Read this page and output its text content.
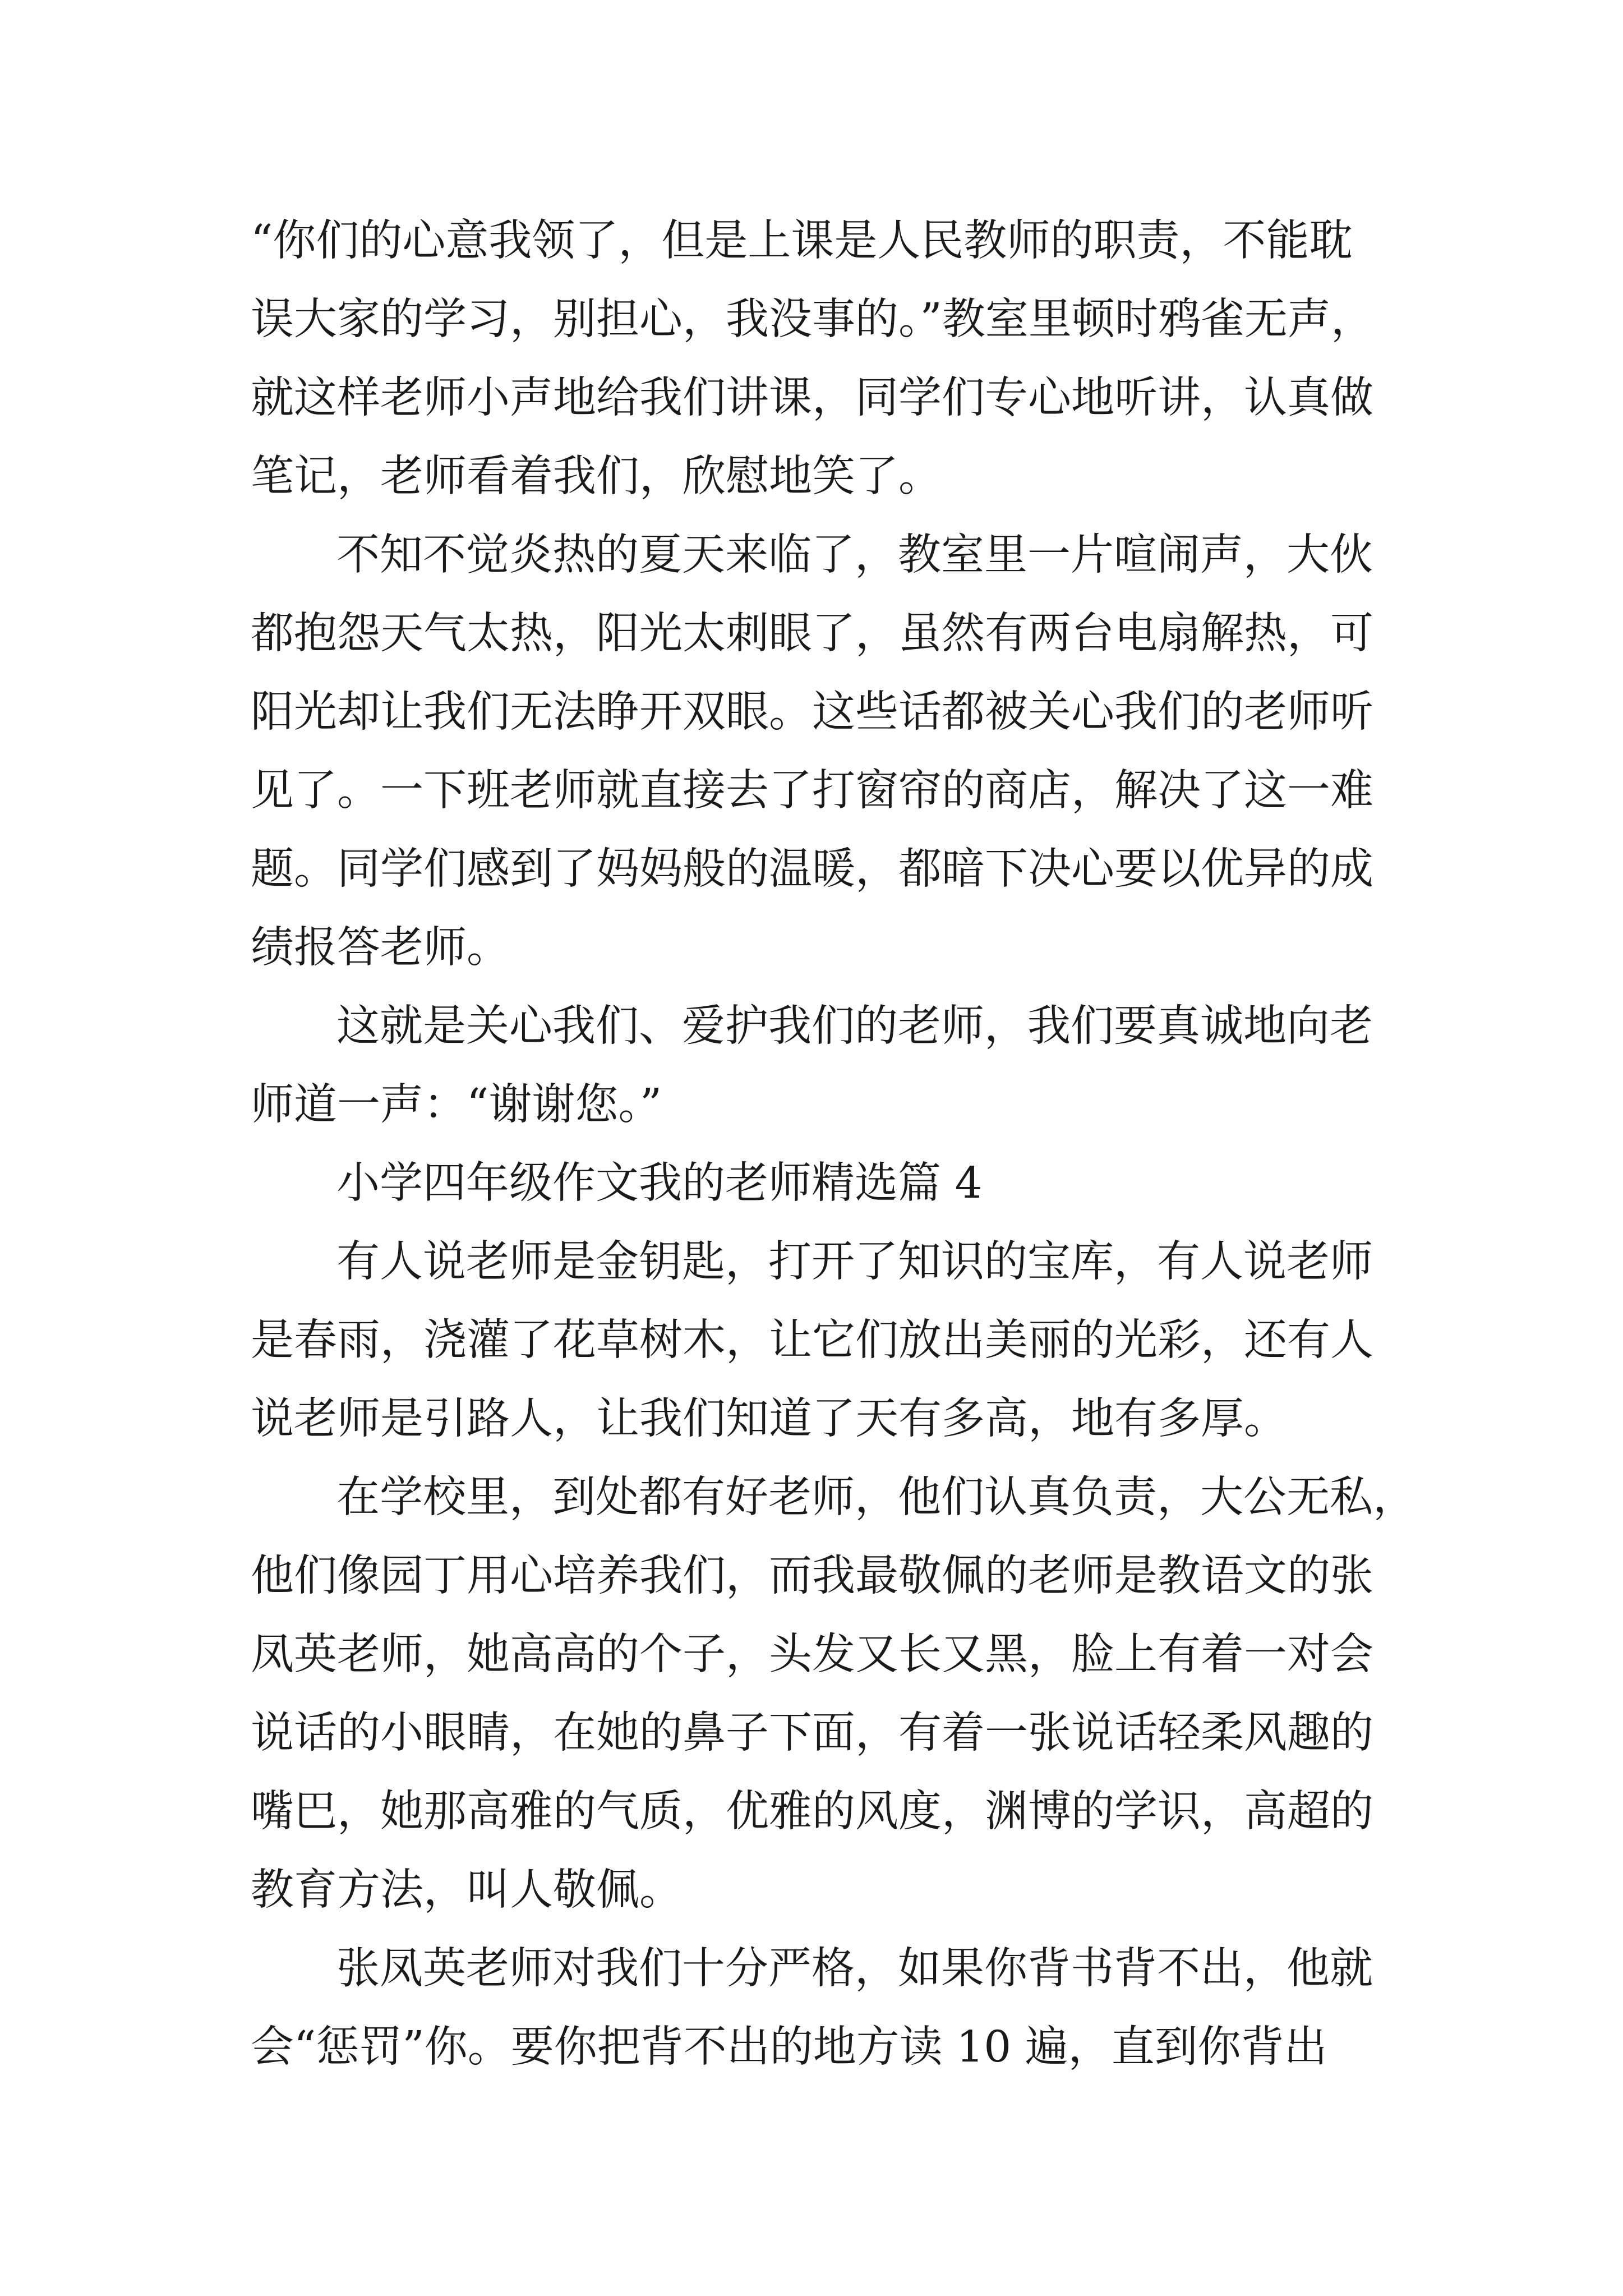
“你们的心意我领了，但是上课是人民教师的职责，不能耽
误大家的学习，别担心，我没事的。”教室里顿时鸦雀无声，
就这样老师小声地给我们讲课，同学们专心地听讲，认真做
笔记，老师看着我们，欣慰地笑了。
不知不觉炎热的夏天来临了，教室里一片喧闹声，大伙
都抱怨天气太热，阳光太刺眼了，虽然有两台电扇解热，可
阳光却让我们无法睁开双眼。这些话都被关心我们的老师听
见了。一下班老师就直接去了打窗帘的商店，解决了这一难
题。同学们感到了妈妈般的温暖，都暗下决心要以优异的成
绩报答老师。
这就是关心我们、爱护我们的老师，我们要真诚地向老
师道一声：“谢谢您。”
小学四年级作文我的老师精选篇 4
有人说老师是金钥匙，打开了知识的宝库，有人说老师
是春雨，浇灌了花草树木，让它们放出美丽的光彩，还有人
说老师是引路人，让我们知道了天有多高，地有多厚。
在学校里，到处都有好老师，他们认真负责，大公无私，
他们像园丁用心培养我们，而我最敬佩的老师是教语文的张
凤英老师，她高高的个子，头发又长又黑，脸上有着一对会
说话的小眼睛，在她的鼻子下面，有着一张说话轻柔风趣的
嘴巴，她那高雅的气质，优雅的风度，渊博的学识，高超的
教育方法，叫人敬佩。
张凤英老师对我们十分严格，如果你背书背不出，他就
会“惩罚”你。要你把背不出的地方读 10 遍，直到你背出
